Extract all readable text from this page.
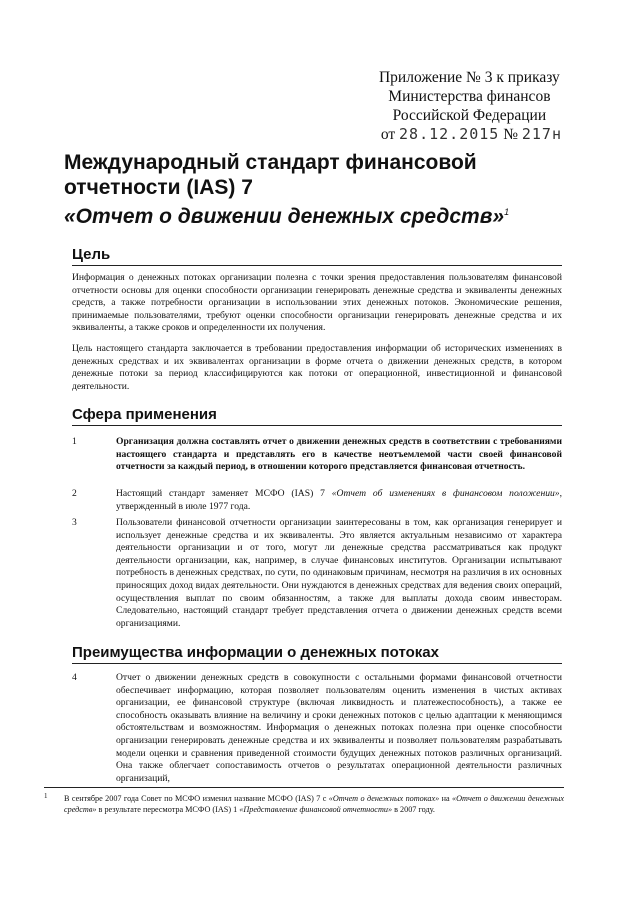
Приложение № 3 к приказу
Министерства финансов
Российской Федерации
от 28.12.2015 № 217н
Международный стандарт финансовой
отчетности (IAS) 7
«Отчет о движении денежных средств»$^1$
Цель

Информация о денежных потоках организации полезна с точки зрения предоставления пользователям финансовой отчетности основы для оценки способности организации генерировать денежные средства и эквиваленты денежных средств, а также потребности организации в использовании этих денежных потоков. Экономические решения, принимаемые пользователями, требуют оценки способности организации генерировать денежные средства и их эквиваленты, а также сроков и определенности их получения.

Цель настоящего стандарта заключается в требовании предоставления информации об исторических изменениях в денежных средствах и их эквивалентах организации в форме отчета о движении денежных средств, в котором денежные потоки за период классифицируются как потоки от операционной, инвестиционной и финансовой деятельности.

Сфера применения
1	Организация должна составлять отчет о движении денежных средств в соответствии с требованиями настоящего стандарта и представлять его в качестве неотъемлемой части своей финансовой отчетности за каждый период, в отношении которого представляется финансовая отчетность.
2	Настоящий стандарт заменяет МСФО (IAS) 7 «Отчет об изменениях в финансовом положении», утвержденный в июле 1977 года.
3	Пользователи финансовой отчетности организации заинтересованы в том, как организация генерирует и использует денежные средства и их эквиваленты. Это является актуальным независимо от характера деятельности организации и от того, могут ли денежные средства рассматриваться как продукт деятельности организации, как, например, в случае финансовых институтов. Организации испытывают потребность в денежных средствах, по сути, по одинаковым причинам, несмотря на различия в их основных приносящих доход видах деятельности. Они нуждаются в денежных средствах для ведения своих операций, осуществления выплат по своим обязанностям, а также для выплаты дохода своим инвесторам. Следовательно, настоящий стандарт требует представления отчета о движении денежных средств всеми организациями.
Преимущества информации о денежных потоках
4	Отчет о движении денежных средств в совокупности с остальными формами финансовой отчетности обеспечивает информацию, которая позволяет пользователям оценить изменения в чистых активах организации, ее финансовой структуре (включая ликвидность и платежеспособность), а также ее способность оказывать влияние на величину и сроки денежных потоков с целью адаптации к меняющимся обстоятельствам и возможностям. Информация о денежных потоках полезна при оценке способности организации генерировать денежные средства и их эквиваленты и позволяет пользователям разрабатывать модели оценки и сравнения приведенной стоимости будущих денежных потоков различных организаций. Она также облегчает сопоставимость отчетов о результатах операционной деятельности различных организаций,
1 В сентябре 2007 года Совет по МСФО изменил название МСФО (IAS) 7 с «Отчет о денежных потоках» на «Отчет о движении денежных средств» в результате пересмотра МСФО (IAS) 1 «Представление финансовой отчетности» в 2007 году.
